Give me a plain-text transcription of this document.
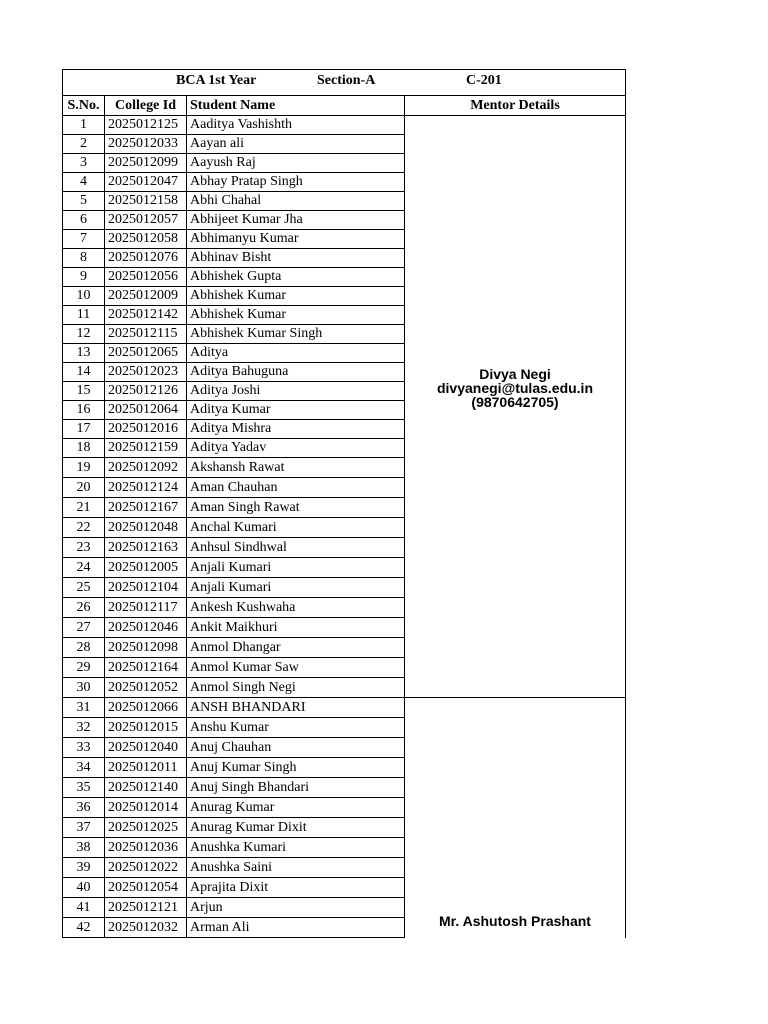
BCA 1st Year Section-A C-201			

S.No.	College Id	Student Name	Mentor Details
1	2025012125	Aaditya Vashishth	Divya Negi
divyanegi@tulas.edu.in
(9870642705)

2	2025012033	Aayan ali	
3	2025012099	Aayush Raj	
4	2025012047	Abhay Pratap Singh	
5	2025012158	Abhi Chahal	
6	2025012057	Abhijeet Kumar Jha	
7	2025012058	Abhimanyu Kumar	
8	2025012076	Abhinav Bisht	
9	2025012056	Abhishek Gupta	
10	2025012009	Abhishek Kumar	
11	2025012142	Abhishek Kumar	
12	2025012115	Abhishek Kumar Singh	
13	2025012065	Aditya	
14	2025012023	Aditya Bahuguna	
15	2025012126	Aditya Joshi	
16	2025012064	Aditya Kumar	
17	2025012016	Aditya Mishra	
18	2025012159	Aditya Yadav	
19	2025012092	Akshansh Rawat	
20	2025012124	Aman Chauhan	
21	2025012167	Aman Singh Rawat	
22	2025012048	Anchal Kumari	
23	2025012163	Anhsul Sindhwal	
24	2025012005	Anjali Kumari	
25	2025012104	Anjali Kumari	
26	2025012117	Ankesh Kushwaha	
27	2025012046	Ankit Maikhuri	
28	2025012098	Anmol Dhangar	
29	2025012164	Anmol Kumar Saw	
30	2025012052	Anmol Singh Negi	
31	2025012066	ANSH BHANDARI	Mr. Ashutosh Prashant

32	2025012015	Anshu Kumar	
33	2025012040	Anuj Chauhan	
34	2025012011	Anuj Kumar Singh	
35	2025012140	Anuj Singh Bhandari	
36	2025012014	Anurag Kumar	
37	2025012025	Anurag Kumar Dixit	
38	2025012036	Anushka Kumari	
39	2025012022	Anushka Saini	
40	2025012054	Aprajita Dixit	
41	2025012121	Arjun	
42	2025012032	Arman Ali	
